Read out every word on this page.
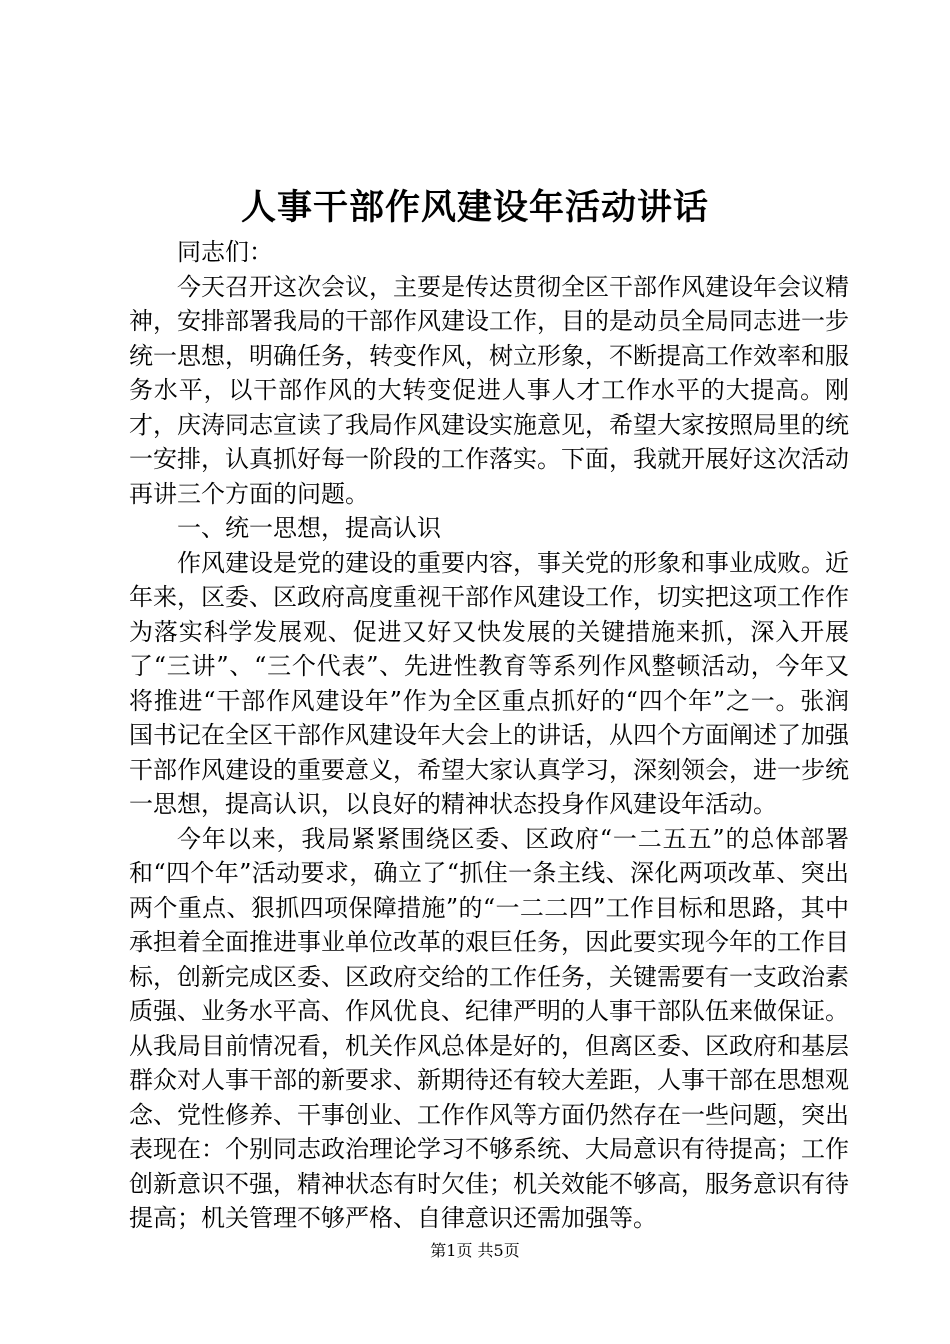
人事干部作风建设年活动讲话

同志们：

今天召开这次会议，主要是传达贯彻全区干部作风建设年会议精神，安排部署我局的干部作风建设工作，目的是动员全局同志进一步统一思想，明确任务，转变作风，树立形象，不断提高工作效率和服务水平，以干部作风的大转变促进人事人才工作水平的大提高。刚才，庆涛同志宣读了我局作风建设实施意见，希望大家按照局里的统一安排，认真抓好每一阶段的工作落实。下面，我就开展好这次活动再讲三个方面的问题。

一、统一思想，提高认识

作风建设是党的建设的重要内容，事关党的形象和事业成败。近年来，区委、区政府高度重视干部作风建设工作，切实把这项工作作为落实科学发展观、促进又好又快发展的关键措施来抓，深入开展了“三讲”、“三个代表”、先进性教育等系列作风整顿活动，今年又将推进“干部作风建设年”作为全区重点抓好的“四个年”之一。张润国书记在全区干部作风建设年大会上的讲话，从四个方面阐述了加强干部作风建设的重要意义，希望大家认真学习，深刻领会，进一步统一思想，提高认识，以良好的精神状态投身作风建设年活动。

今年以来，我局紧紧围绕区委、区政府“一二五五”的总体部署和“四个年”活动要求，确立了“抓住一条主线、深化两项改革、突出两个重点、狠抓四项保障措施”的“一二二四”工作目标和思路，其中承担着全面推进事业单位改革的艰巨任务，因此要实现今年的工作目标，创新完成区委、区政府交给的工作任务，关键需要有一支政治素质强、业务水平高、作风优良、纪律严明的人事干部队伍来做保证。从我局目前情况看，机关作风总体是好的，但离区委、区政府和基层群众对人事干部的新要求、新期待还有较大差距，人事干部在思想观念、党性修养、干事创业、工作作风等方面仍然存在一些问题，突出表现在：个别同志政治理论学习不够系统、大局意识有待提高；工作创新意识不强，精神状态有时欠佳；机关效能不够高，服务意识有待提高；机关管理不够严格、自律意识还需加强等。

第1页 共5页
